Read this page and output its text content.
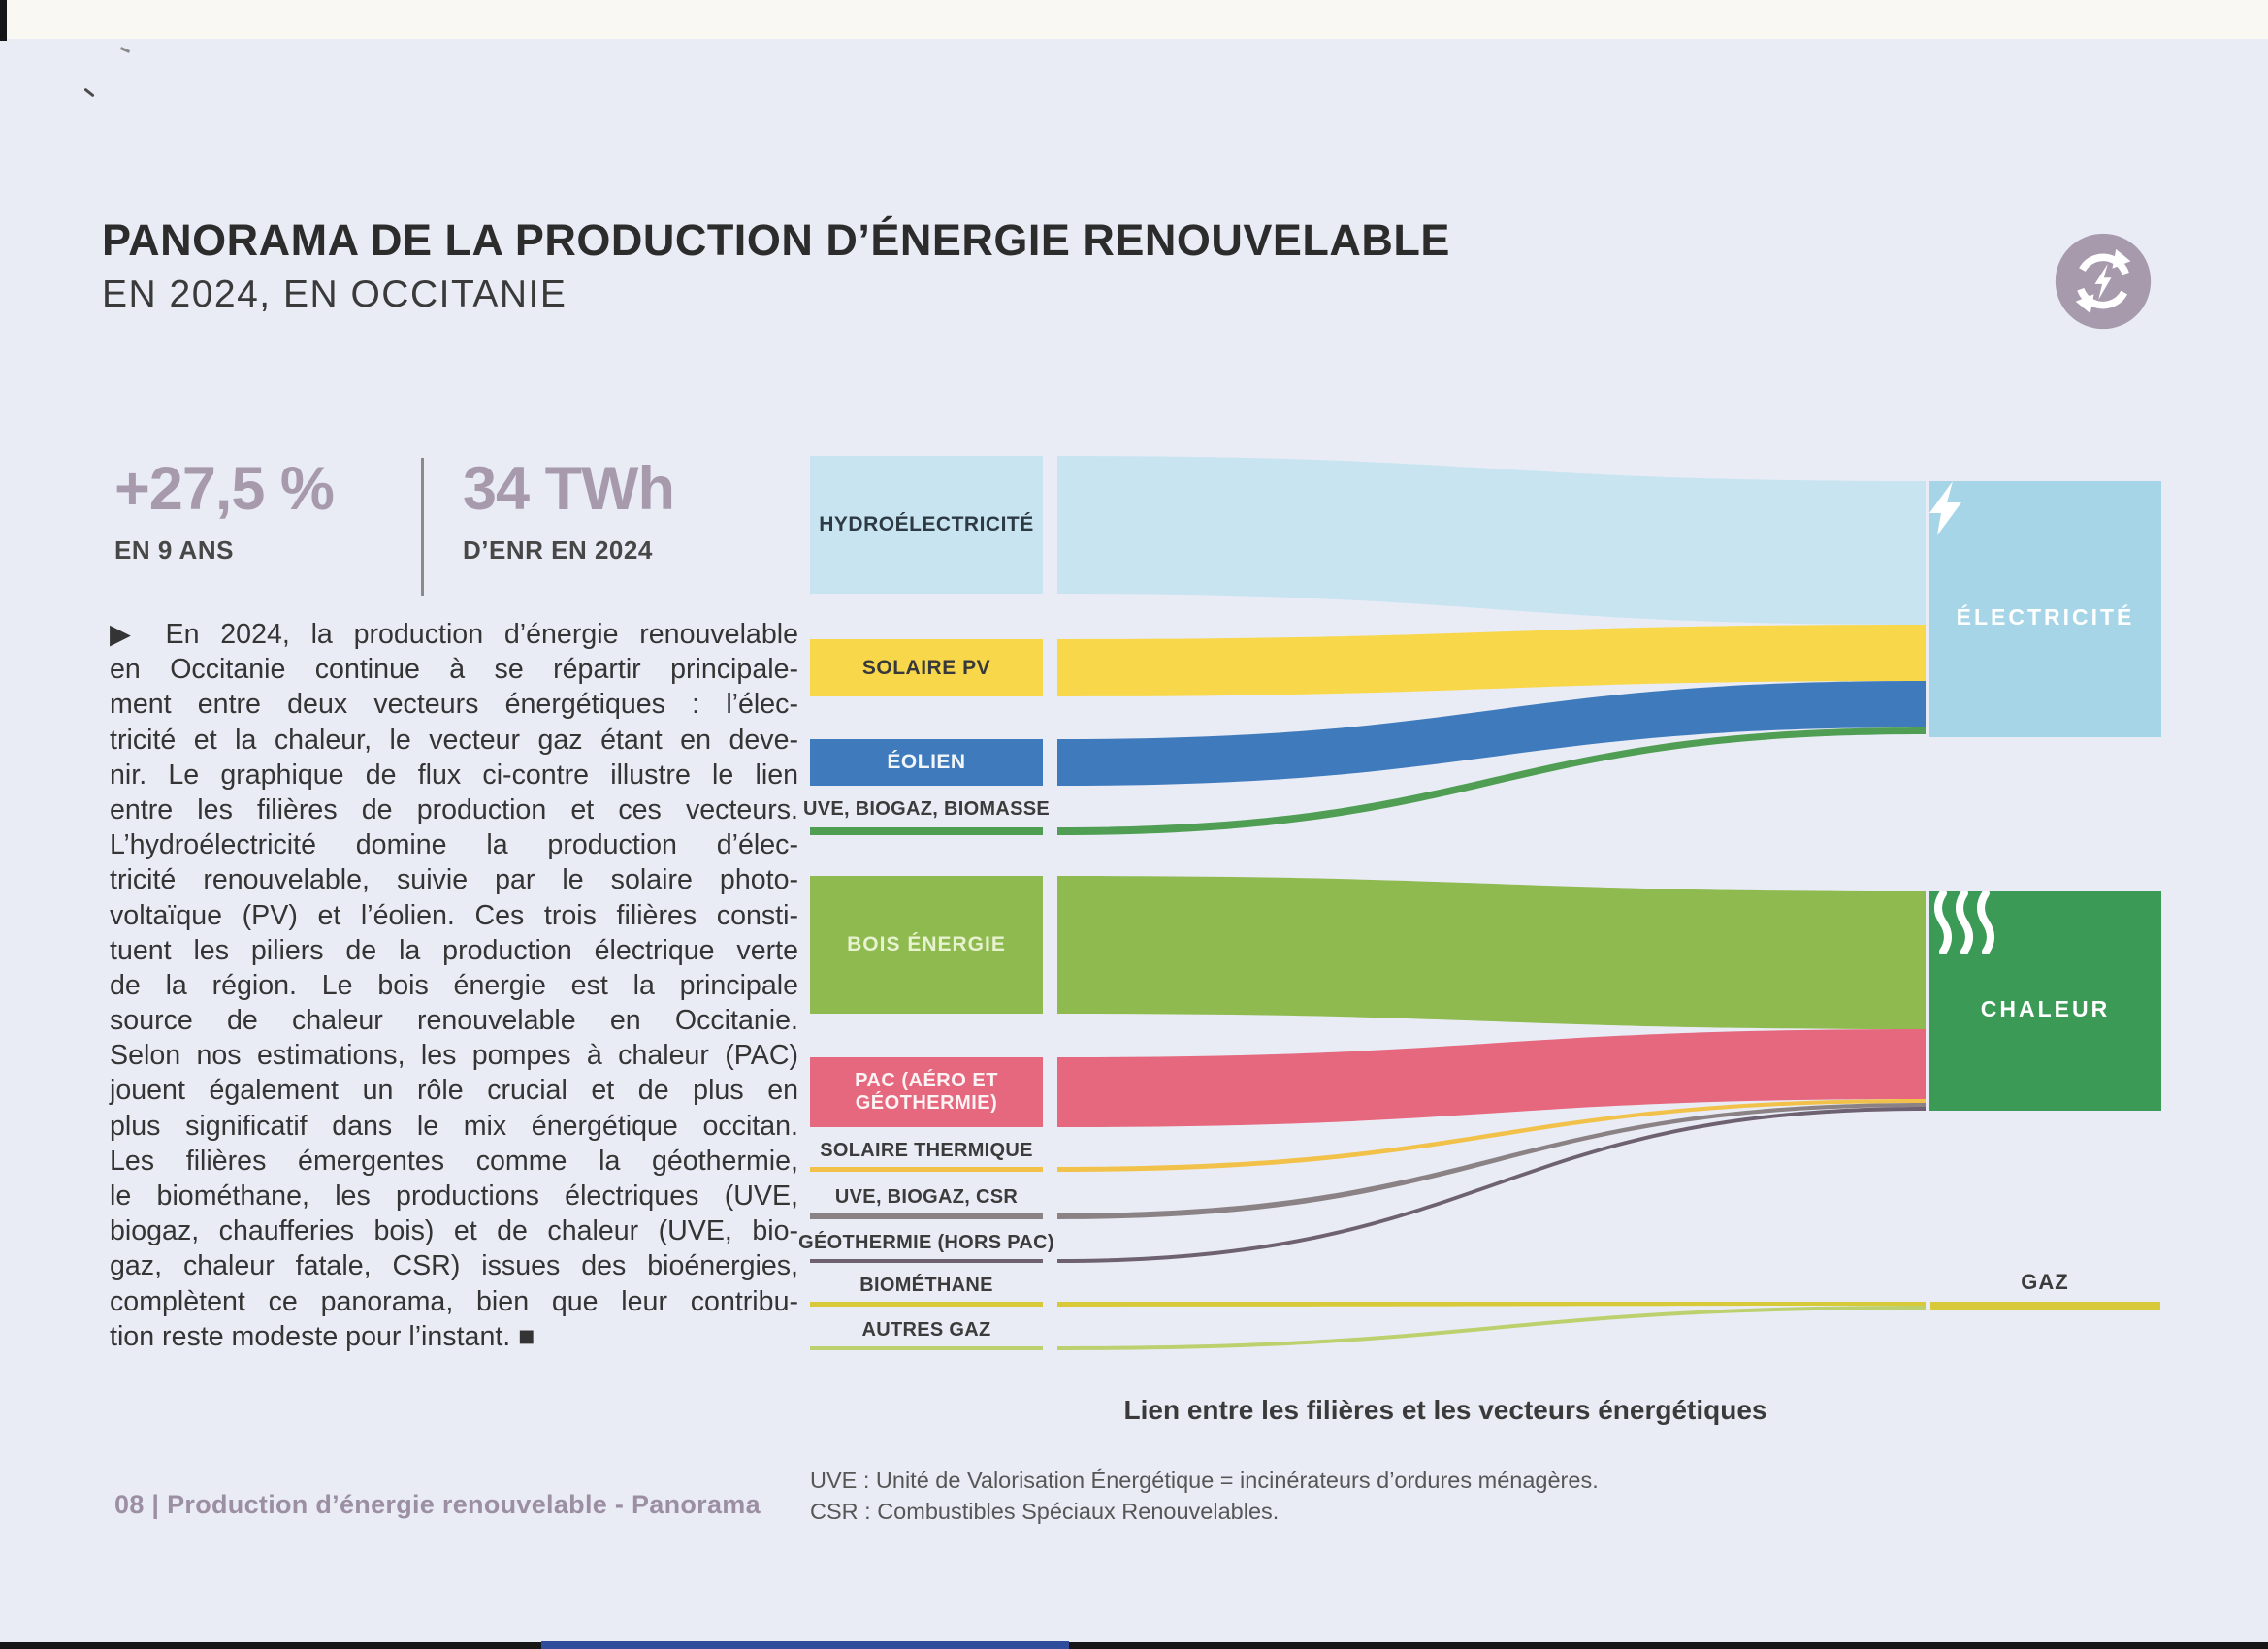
PANORAMA DE LA PRODUCTION D’ÉNERGIE RENOUVELABLE
EN 2024, EN OCCITANIE
+27,5 %
EN 9 ANS
34 TWh
D’ENR EN 2024
▶ En 2024, la production d’énergie renouvelable
en Occitanie continue à se répartir principale-
ment entre deux vecteurs énergétiques : l’élec-
tricité et la chaleur, le vecteur gaz étant en deve-
nir. Le graphique de flux ci-contre illustre le lien
entre les filières de production et ces vecteurs.
L’hydroélectricité domine la production d’élec-
tricité renouvelable, suivie par le solaire photo-
voltaïque (PV) et l’éolien. Ces trois filières consti-
tuent les piliers de la production électrique verte
de la région. Le bois énergie est la principale
source de chaleur renouvelable en Occitanie.
Selon nos estimations, les pompes à chaleur (PAC)
jouent également un rôle crucial et de plus en
plus significatif dans le mix énergétique occitan.
Les filières émergentes comme la géothermie,
le biométhane, les productions électriques (UVE,
biogaz, chaufferies bois) et de chaleur (UVE, bio-
gaz, chaleur fatale, CSR) issues des bioénergies,
complètent ce panorama, bien que leur contribu-
tion reste modeste pour l’instant. ■
08 | Production d’énergie renouvelable - Panorama
HYDROÉLECTRICITÉ
SOLAIRE PV
ÉOLIEN
UVE, BIOGAZ, BIOMASSE
BOIS ÉNERGIE
PAC (AÉRO ET GÉOTHERMIE)
SOLAIRE THERMIQUE
UVE, BIOGAZ, CSR
GÉOTHERMIE (HORS PAC)
BIOMÉTHANE
AUTRES GAZ
ÉLECTRICITÉ
CHALEUR
GAZ
Lien entre les filières et les vecteurs énergétiques
UVE : Unité de Valorisation Énergétique = incinérateurs d’ordures ménagères.
CSR : Combustibles Spéciaux Renouvelables.
